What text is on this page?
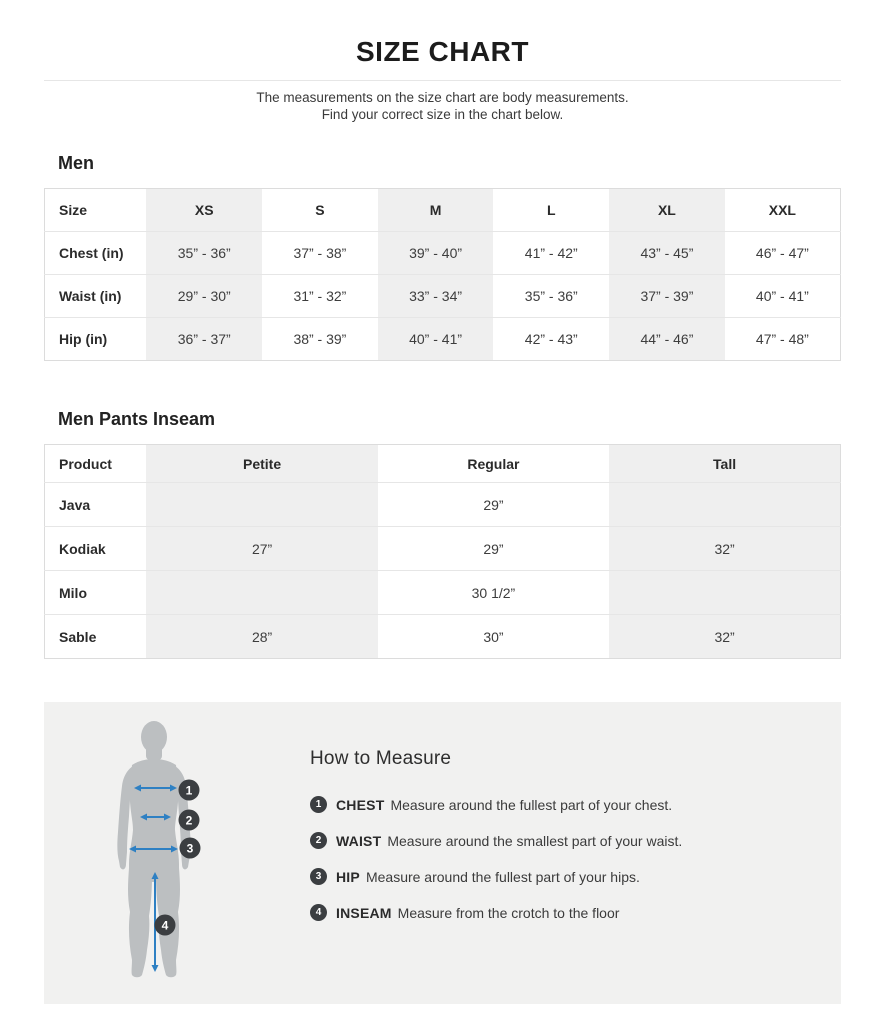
SIZE CHART

The measurements on the size chart are body measurements.
Find your correct size in the chart below.

Men
Size	XS	S	M	L	XL	XXL
Chest (in)	35” - 36”	37” - 38”	39” - 40”	41” - 42”	43” - 45”	46” - 47”
Waist (in)	29” - 30”	31” - 32”	33” - 34”	35” - 36”	37” - 39”	40” - 41”
Hip (in)	36” - 37”	38” - 39”	40” - 41”	42” - 43”	44” - 46”	47” - 48”
Men Pants Inseam
Product	Petite	Regular	Tall
Java		29”	
Kodiak	27”	29”	32”
Milo		30 1/2”	
Sable	28”	30”	32”
1
2
3
4
How to Measure
1	CHEST Measure around the fullest part of your chest.
2	WAIST Measure around the smallest part of your waist.
3	HIP Measure around the fullest part of your hips.
4	INSEAM Measure from the crotch to the floor
